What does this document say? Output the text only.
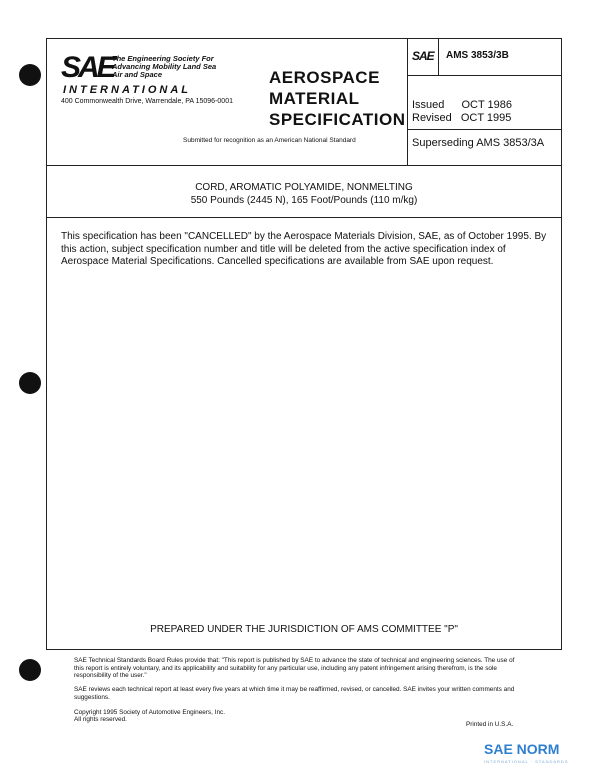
SAE
The Engineering Society For Advancing Mobility Land Sea Air and Space
INTERNATIONAL
400 Commonwealth Drive, Warrendale, PA 15096-0001
AEROSPACE
MATERIAL
SPECIFICATION
Submitted for recognition as an American National Standard
SAE AMS 3853/3B
Issued OCT 1986
Revised OCT 1995
Superseding AMS 3853/3A
CORD, AROMATIC POLYAMIDE, NONMELTING
550 Pounds (2445 N), 165 Foot/Pounds (110 m/kg)
This specification has been "CANCELLED" by the Aerospace Materials Division, SAE, as of October 1995. By this action, subject specification number and title will be deleted from the active specification index of Aerospace Material Specifications. Cancelled specifications are available from SAE upon request.
PREPARED UNDER THE JURISDICTION OF AMS COMMITTEE "P"
SAE Technical Standards Board Rules provide that: "This report is published by SAE to advance the state of technical and engineering sciences. The use of this report is entirely voluntary, and its applicability and suitability for any particular use, including any patent infringement arising therefrom, is the sole responsibility of the user."
SAE reviews each technical report at least every five years at which time it may be reaffirmed, revised, or cancelled. SAE invites your written comments and suggestions.
Copyright 1995 Society of Automotive Engineers, Inc.
All rights reserved.
Printed in U.S.A.
SAE NORM
INTERNATIONAL · STANDARDS
